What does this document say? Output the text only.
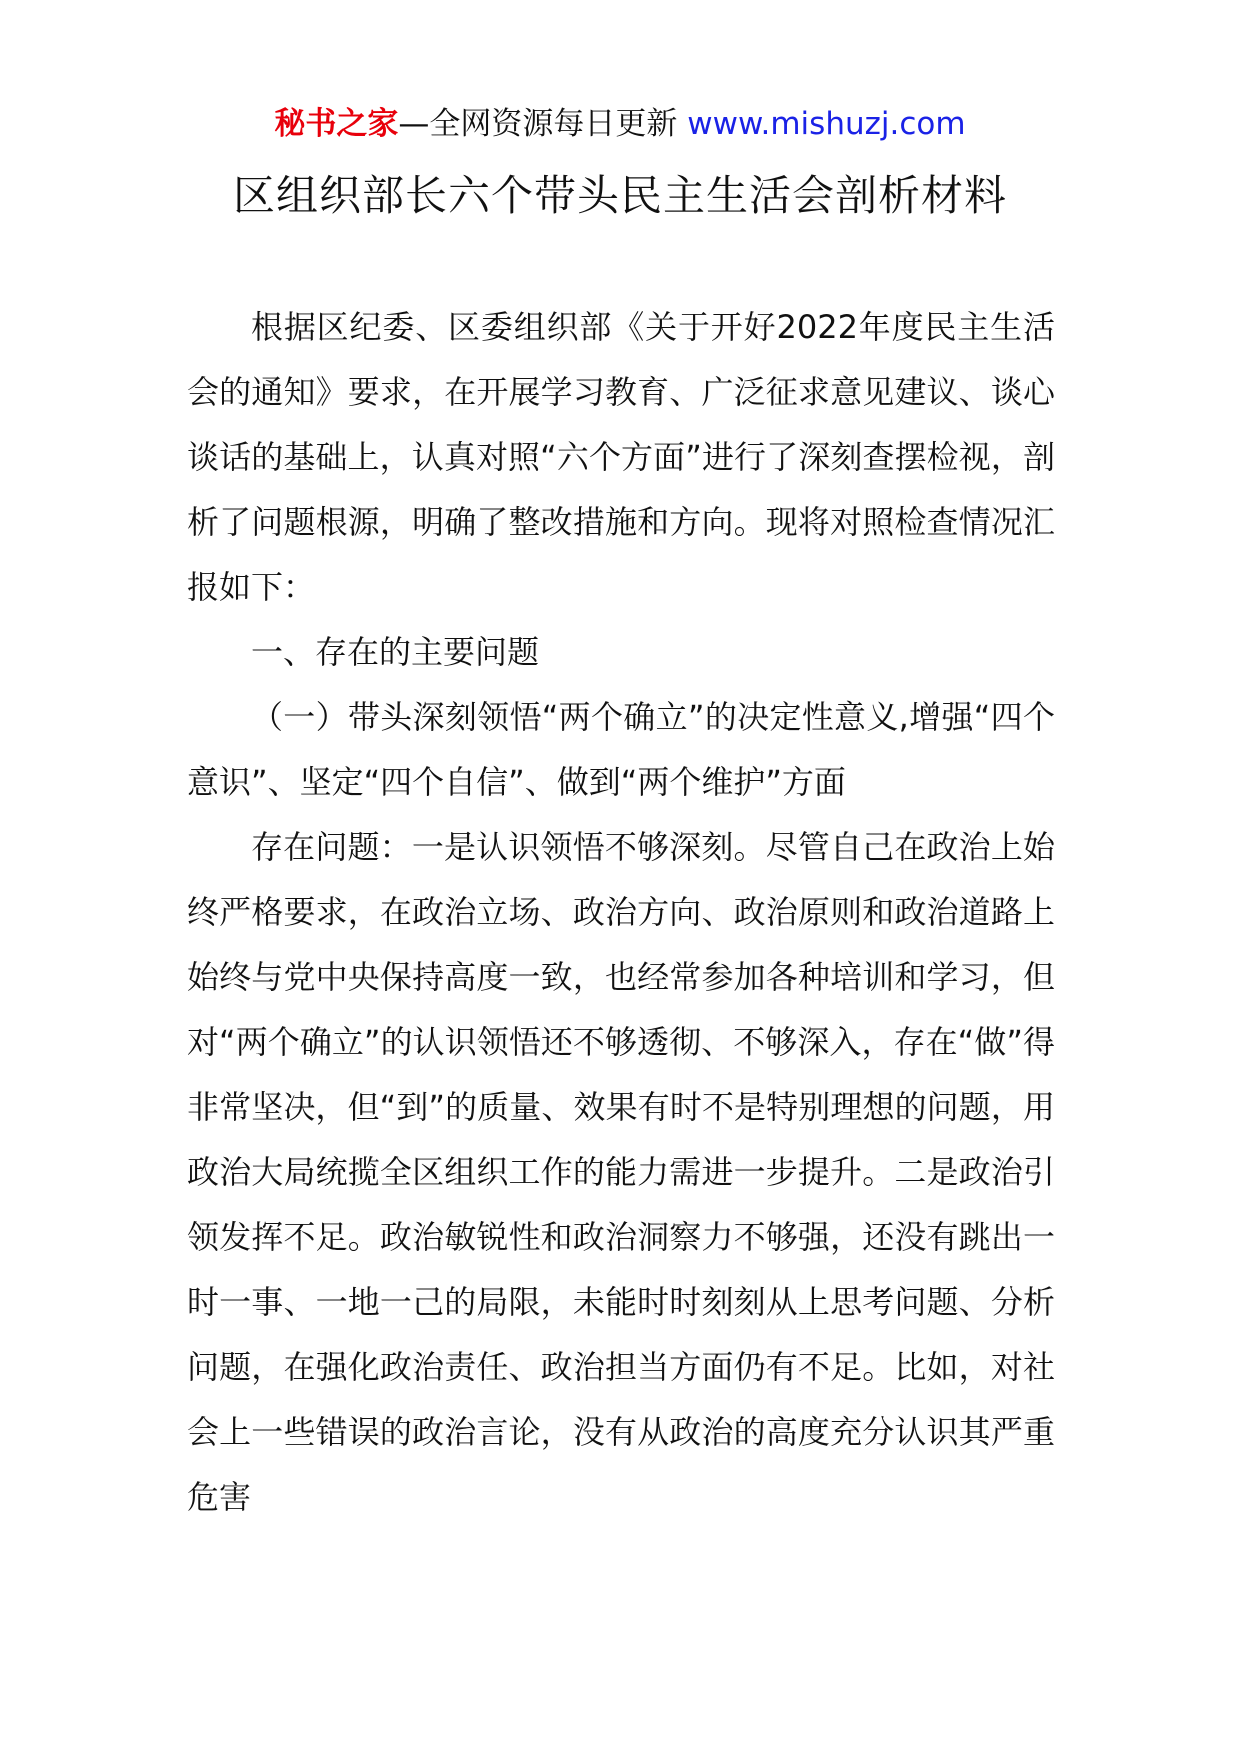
秘书之家—全网资源每日更新 www.mishuzj.com
区组织部长六个带头民主生活会剖析材料

根据区纪委、区委组织部《关于开好2022年度民主生活会的通知》要求，在开展学习教育、广泛征求意见建议、谈心谈话的基础上，认真对照“六个方面”进行了深刻查摆检视，剖析了问题根源，明确了整改措施和方向。现将对照检查情况汇报如下：

一、存在的主要问题

（一）带头深刻领悟“两个确立”的决定性意义,增强“四个意识”、坚定“四个自信”、做到“两个维护”方面

存在问题：一是认识领悟不够深刻。尽管自己在政治上始终严格要求，在政治立场、政治方向、政治原则和政治道路上始终与党中央保持高度一致，也经常参加各种培训和学习，但对“两个确立”的认识领悟还不够透彻、不够深入，存在“做”得非常坚决，但“到”的质量、效果有时不是特别理想的问题，用政治大局统揽全区组织工作的能力需进一步提升。二是政治引领发挥不足。政治敏锐性和政治洞察力不够强，还没有跳出一时一事、一地一己的局限，未能时时刻刻从上思考问题、分析问题，在强化政治责任、政治担当方面仍有不足。比如，对社会上一些错误的政治言论，没有从政治的高度充分认识其严重危害
